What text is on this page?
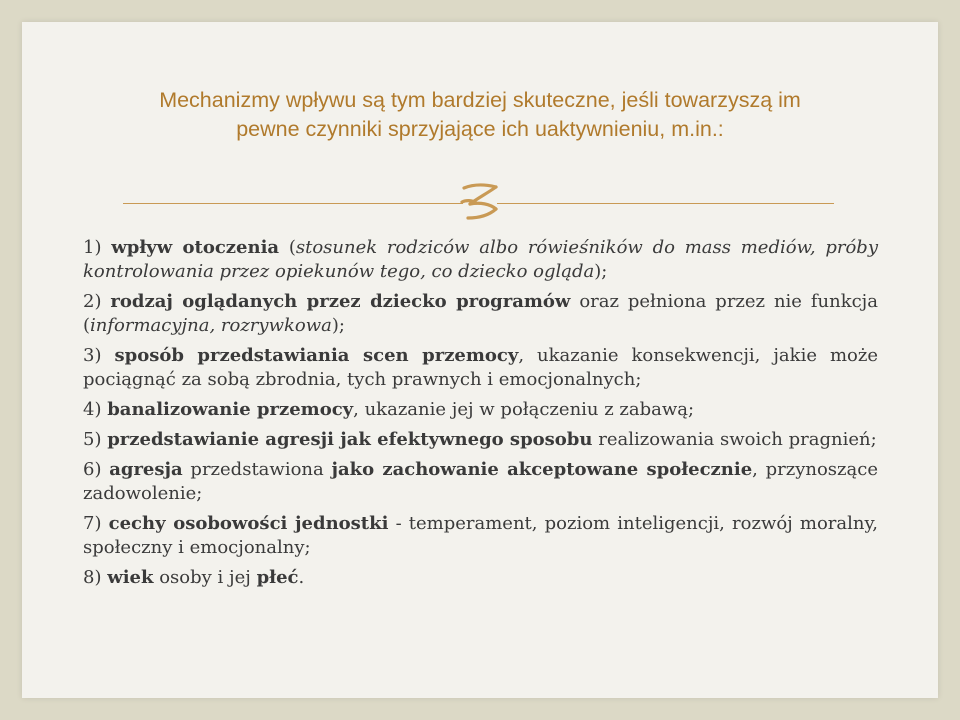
Mechanizmy wpływu są tym bardziej skuteczne, jeśli towarzyszą im
pewne czynniki sprzyjające ich uaktywnieniu, m.in.:

1) wpływ otoczenia (stosunek rodziców albo rówieśników do mass mediów, próby kontrolowania przez opiekunów tego, co dziecko ogląda);

2) rodzaj oglądanych przez dziecko programów oraz pełniona przez nie funkcja (informacyjna, rozrywkowa);

3) sposób przedstawiania scen przemocy, ukazanie konsekwencji, jakie może pociągnąć za sobą zbrodnia, tych prawnych i emocjonalnych;

4) banalizowanie przemocy, ukazanie jej w połączeniu z zabawą;

5) przedstawianie agresji jak efektywnego sposobu realizowania swoich pragnień;

6) agresja przedstawiona jako zachowanie akceptowane społecznie, przynoszące zadowolenie;

7) cechy osobowości jednostki - temperament, poziom inteligencji, rozwój moralny, społeczny i emocjonalny;

8) wiek osoby i jej płeć.
